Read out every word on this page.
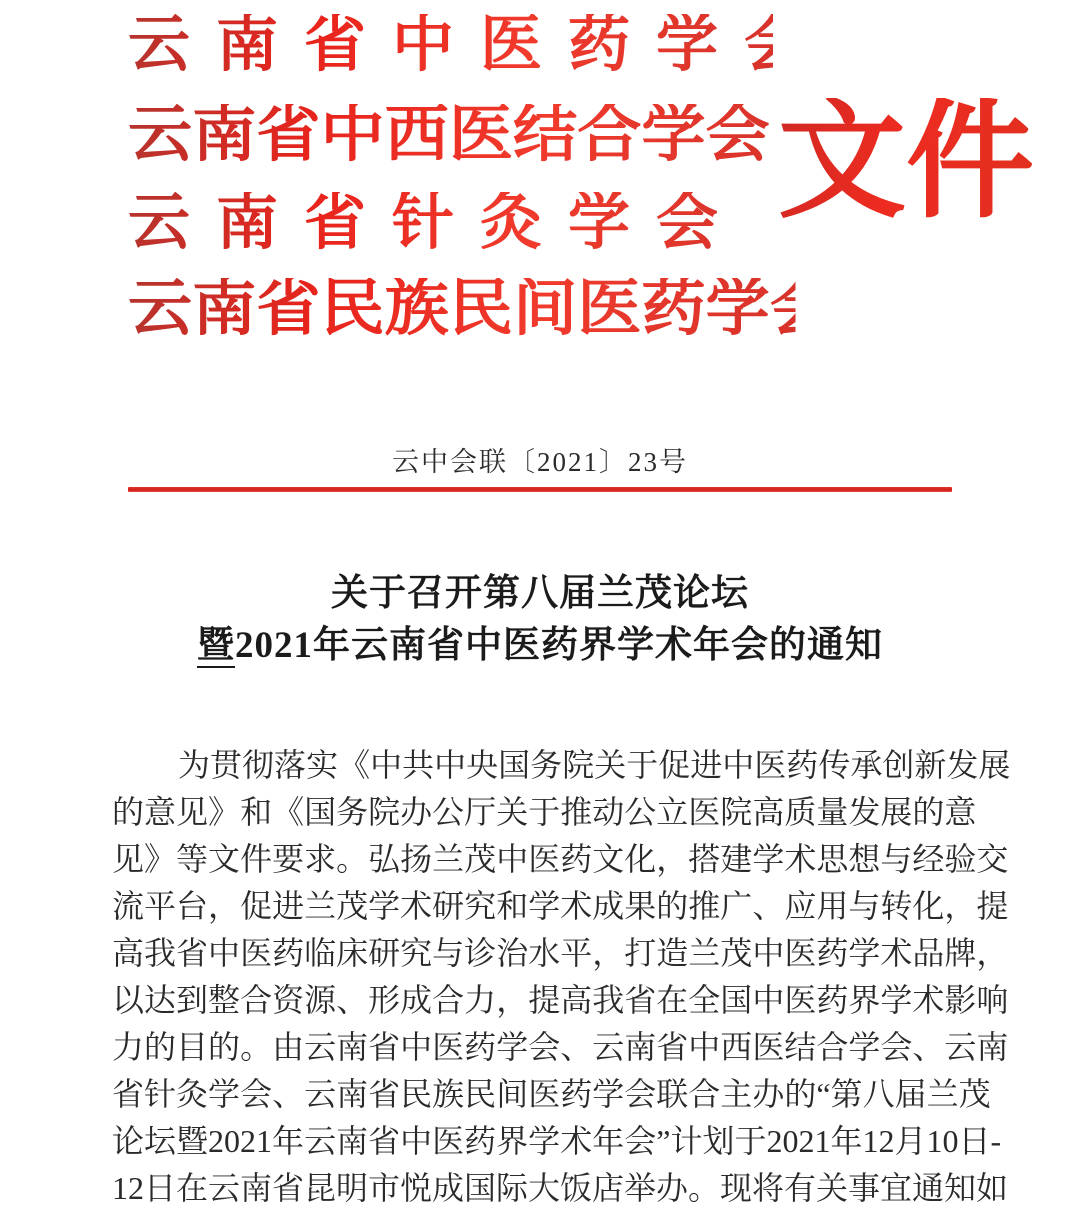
云南省中医药学会
云南省中西医结合学会
云南省针灸学会
云南省民族民间医药学会
文件
云中会联〔2021〕23号
关于召开第八届兰茂论坛
暨2021年云南省中医药界学术年会的通知
为 贯 彻 落 实 《 中 共 中 央 国 务 院 关 于 促 进 中 医 药 传 承 创 新 发 展
的 意 见 》 和 《 国 务 院 办 公 厅 关 于 推 动 公 立 医 院 高 质 量 发 展 的 意
见 》 等 文 件 要 求 。 弘 扬 兰 茂 中 医 药 文 化 ， 搭 建 学 术 思 想 与 经 验 交
流 平 台 ， 促 进 兰 茂 学 术 研 究 和 学 术 成 果 的 推 广 、 应 用 与 转 化 ， 提
高 我 省 中 医 药 临 床 研 究 与 诊 治 水 平 ， 打 造 兰 茂 中 医 药 学 术 品 牌 ，
以 达 到 整 合 资 源 、 形 成 合 力 ， 提 高 我 省 在 全 国 中 医 药 界 学 术 影 响
力 的 目 的 。 由 云 南 省 中 医 药 学 会 、 云 南 省 中 西 医 结 合 学 会 、 云 南
省 针 灸 学 会 、 云 南 省 民 族 民 间 医 药 学 会 联 合 主 办 的 “ 第 八 届 兰 茂
论 坛 暨 2 0 2 1 年 云 南 省 中 医 药 界 学 术 年 会 ” 计 划 于 2 0 2 1 年 1 2 月 1 0 日 -
12日在云南省昆明市悦成国际大饭店举办。现将有关事宜通知如
